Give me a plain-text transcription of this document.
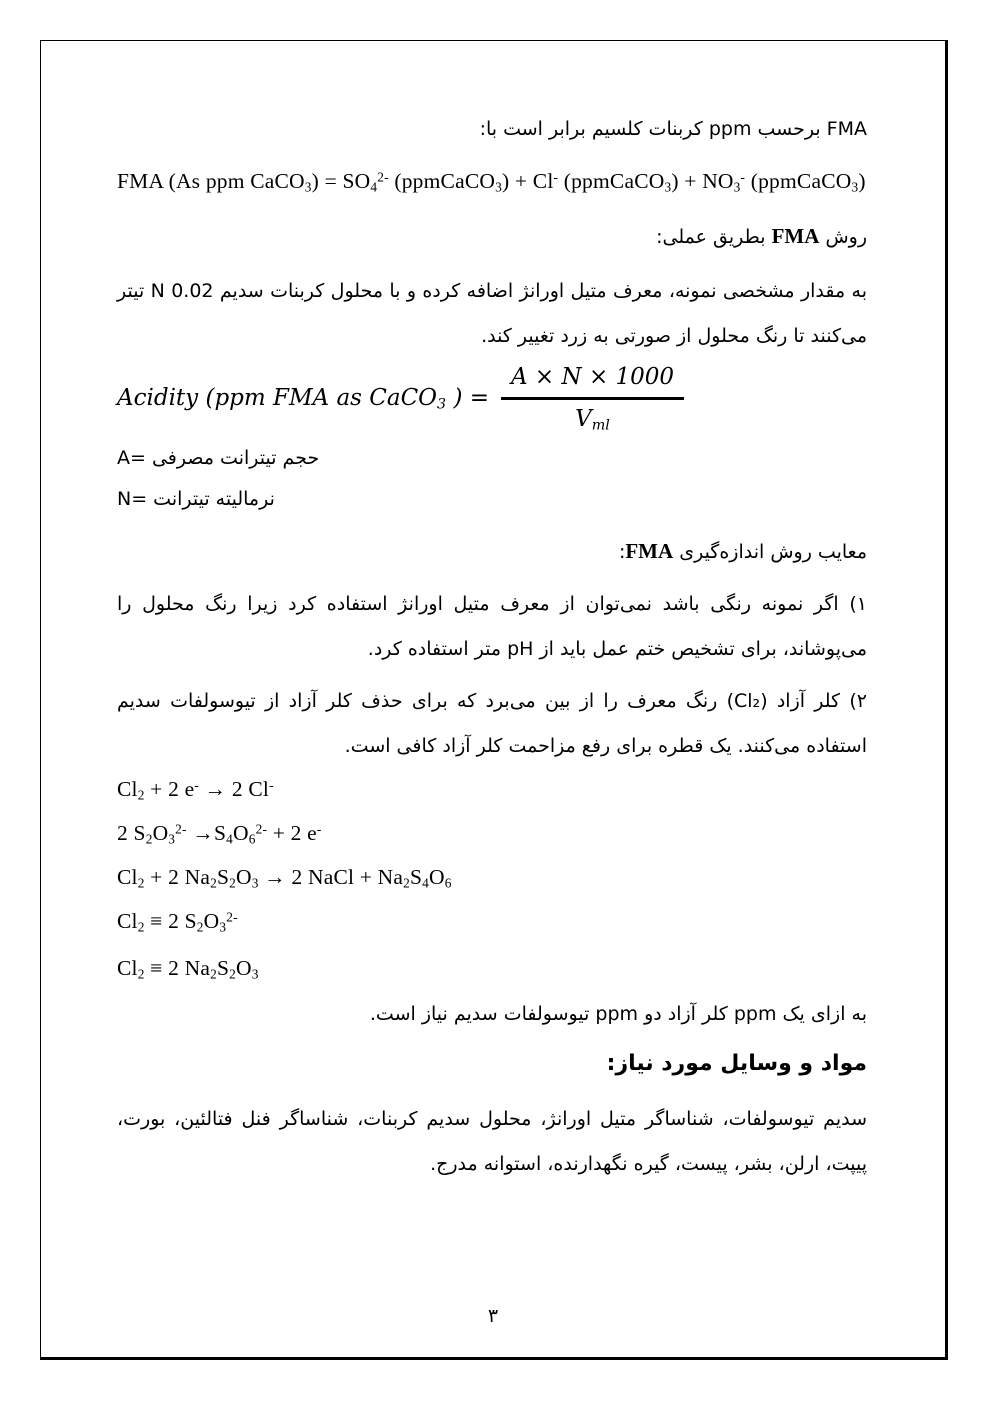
FMA برحسب ppm کربنات کلسیم برابر است با:
FMA (As ppm CaCO$_3$) = $SO_4^{2-}$ (ppmCaCO$_3$) + Cl- (ppmCaCO$_3$) + $NO_3^-$ (ppmCaCO$_3$)
روش FMA بطریق عملی:
به مقدار مشخصی نمونه، معرف متیل اورانژ اضافه کرده و با محلول کربنات سدیم 0.02 N تیتر می‌کنند تا رنگ محلول از صورتی به زرد تغییر کند.
Acidity (ppm FMA as CaCO$_3$ ) = $\frac{A \times N \times 1000}{V_{ml}}$
حجم تیترانت مصرفی =A
نرمالیته تیترانت =N
معایب روش اندازه‌گیری FMA:
۱) اگر نمونه رنگی باشد نمی‌توان از معرف متیل اورانژ استفاده کرد زیرا رنگ محلول را می‌پوشاند، برای تشخیص ختم عمل باید از pH متر استفاده کرد.
۲) کلر آزاد (Cl₂) رنگ معرف را از بین می‌برد که برای حذف کلر آزاد از تیوسولفات سدیم استفاده می‌کنند. یک قطره برای رفع مزاحمت کلر آزاد کافی است.
$Cl_2 + 2$ e- → 2 Cl-
2 $S_2O_3^{2-} \to S_4O_6^{2-} + 2$ e-
$Cl_2 + 2$ $Na_2S_2O_3 \to 2$ NaCl + $Na_2S_4O_6$
$Cl_2 \equiv 2$ $S_2O_3^{2-}$
$Cl_2 \equiv 2$ $Na_2S_2O_3$
به ازای یک ppm کلر آزاد دو ppm تیوسولفات سدیم نیاز است.
مواد و وسایل مورد نیاز:
سدیم تیوسولفات، شناساگر متیل اورانژ، محلول سدیم کربنات، شناساگر فنل فتالئین، بورت، پیپت، ارلن، بشر، پیست، گیره نگهدارنده، استوانه مدرج.
۳
